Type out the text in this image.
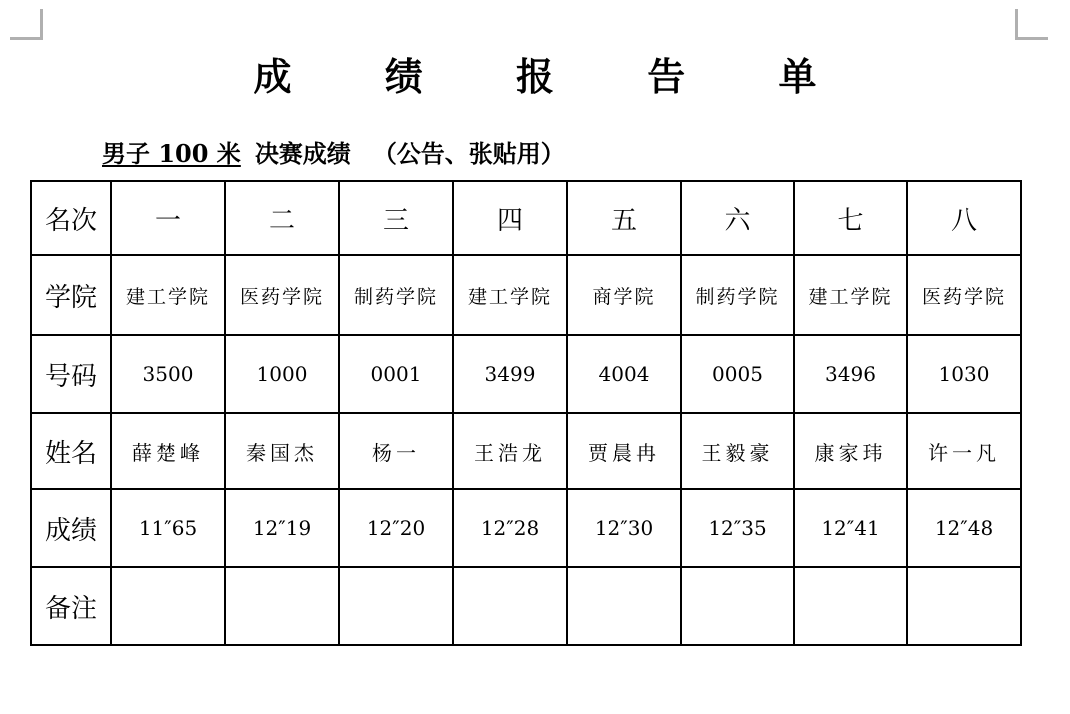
成 绩 报 告 单
男子 100 米 决赛成绩 （公告、张贴用）
名次	一	二	三	四	五	六	七	八
学院	建工学院	医药学院	制药学院	建工学院	商学院	制药学院	建工学院	医药学院
号码	3500	1000	0001	3499	4004	0005	3496	1030
姓名	薛楚峰	秦国杰	杨一	王浩龙	贾晨冉	王毅豪	康家玮	许一凡
成绩	11″65	12″19	12″20	12″28	12″30	12″35	12″41	12″48
备注								
